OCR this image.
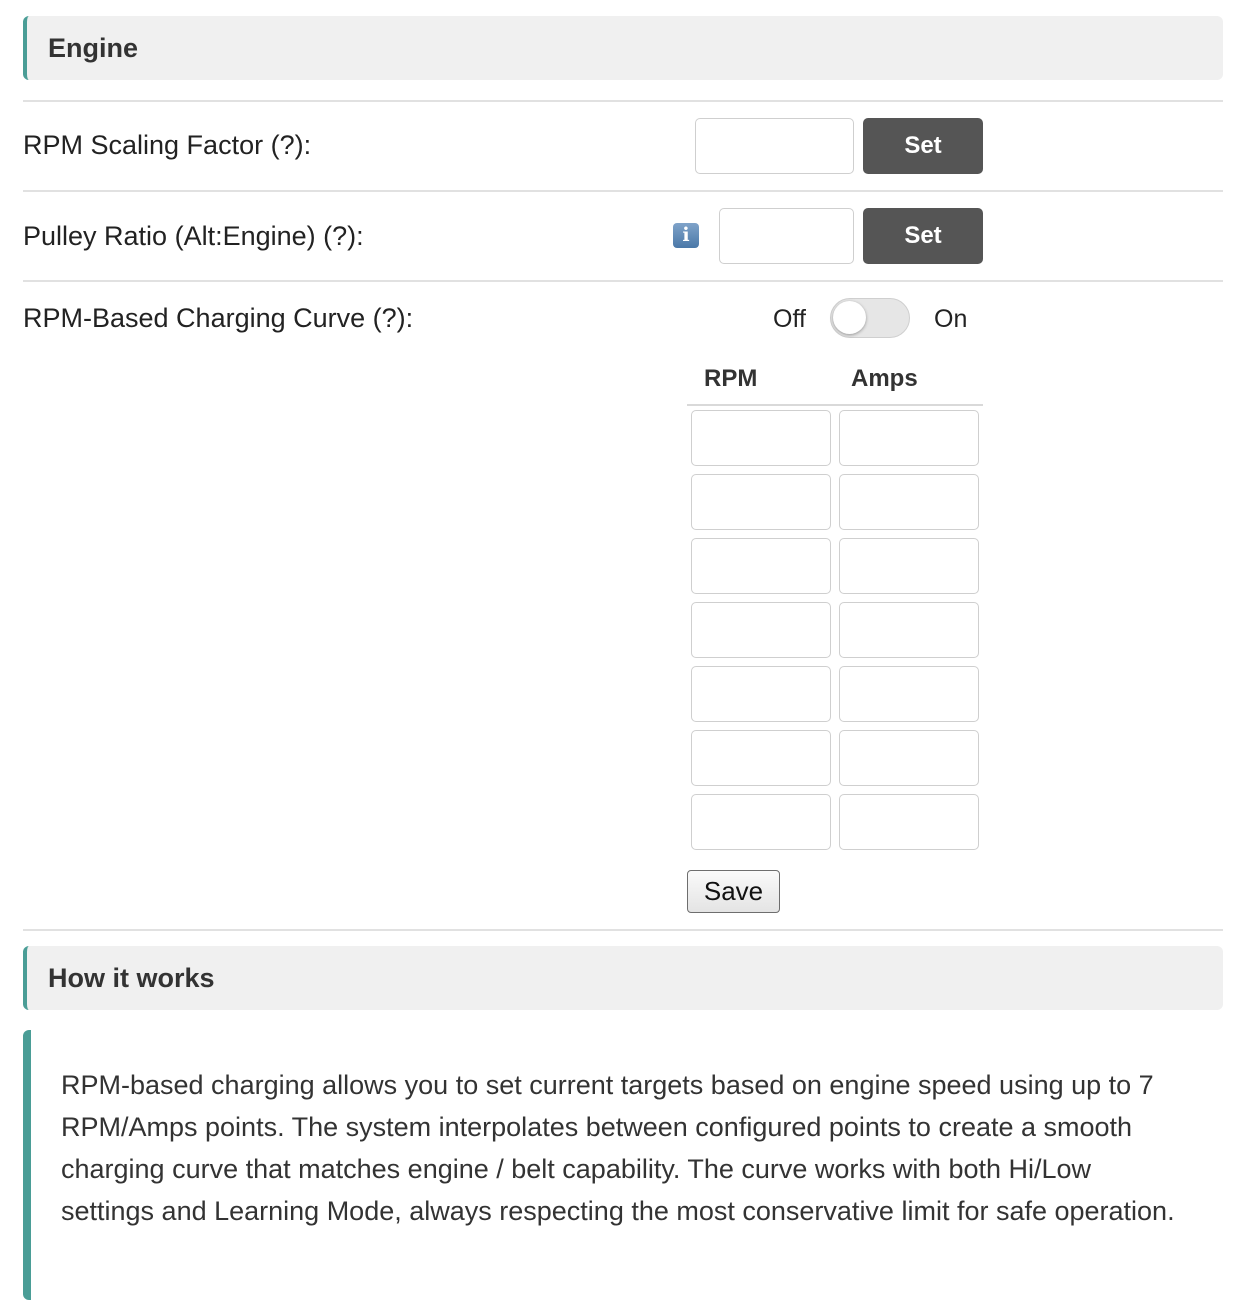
Engine
RPM Scaling Factor (?):	Set
Pulley Ratio (Alt:Engine) (?):	i	Set
RPM-Based Charging Curve (?):	Off	On
RPM	Amps
Save
How it works
RPM-based charging allows you to set current targets based on engine speed using up to 7 RPM/Amps points. The system interpolates between configured points to create a smooth charging curve that matches engine / belt capability. The curve works with both Hi/Low settings and Learning Mode, always respecting the most conservative limit for safe operation.
